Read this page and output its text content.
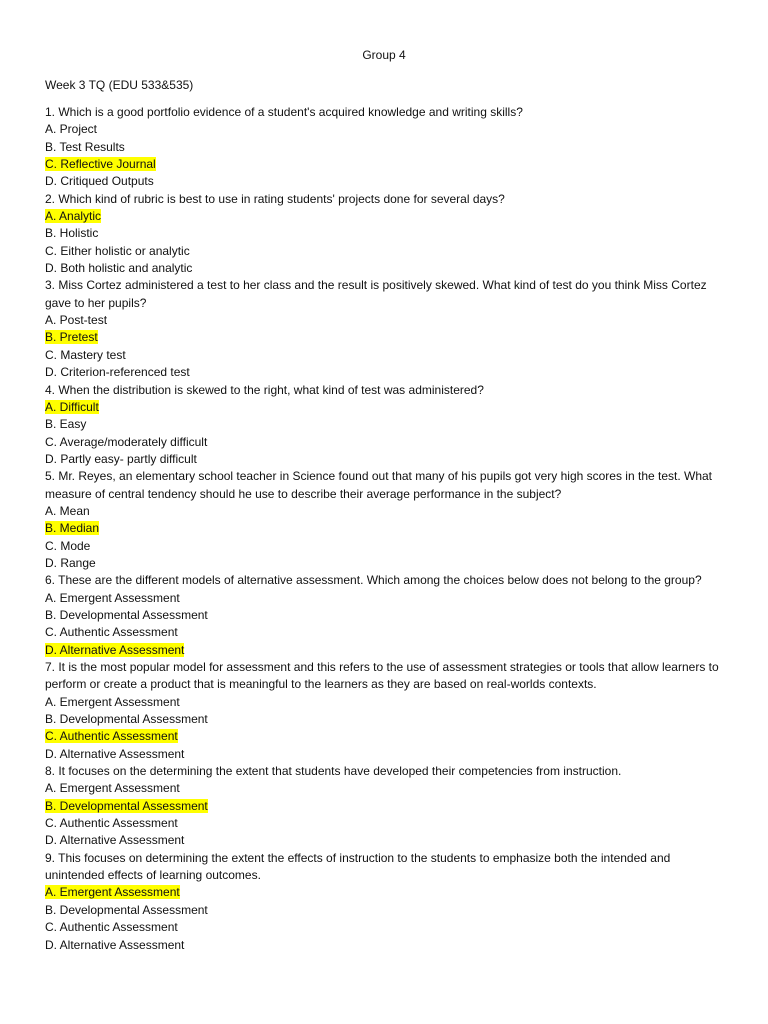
Group 4
Week 3 TQ (EDU 533&535)
1. Which is a good portfolio evidence of a student's acquired knowledge and writing skills?
A. Project
B. Test Results
C. Reflective Journal
D. Critiqued Outputs
2. Which kind of rubric is best to use in rating students' projects done for several days?
A. Analytic
B. Holistic
C. Either holistic or analytic
D. Both holistic and analytic
3. Miss Cortez administered a test to her class and the result is positively skewed. What kind of test do you think Miss Cortez gave to her pupils?
A. Post-test
B. Pretest
C. Mastery test
D. Criterion-referenced test
4. When the distribution is skewed to the right, what kind of test was administered?
A. Difficult
B. Easy
C. Average/moderately difficult
D. Partly easy- partly difficult
5. Mr. Reyes, an elementary school teacher in Science found out that many of his pupils got very high scores in the test. What measure of central tendency should he use to describe their average performance in the subject?
A. Mean
B. Median
C. Mode
D. Range
6. These are the different models of alternative assessment. Which among the choices below does not belong to the group?
A. Emergent Assessment
B. Developmental Assessment
C. Authentic Assessment
D. Alternative Assessment
7. It is the most popular model for assessment and this refers to the use of assessment strategies or tools that allow learners to perform or create a product that is meaningful to the learners as they are based on real-worlds contexts.
A. Emergent Assessment
B. Developmental Assessment
C. Authentic Assessment
D. Alternative Assessment
8. It focuses on the determining the extent that students have developed their competencies from instruction.
A. Emergent Assessment
B. Developmental Assessment
C. Authentic Assessment
D. Alternative Assessment
9. This focuses on determining the extent the effects of instruction to the students to emphasize both the intended and unintended effects of learning outcomes.
A. Emergent Assessment
B. Developmental Assessment
C. Authentic Assessment
D. Alternative Assessment
